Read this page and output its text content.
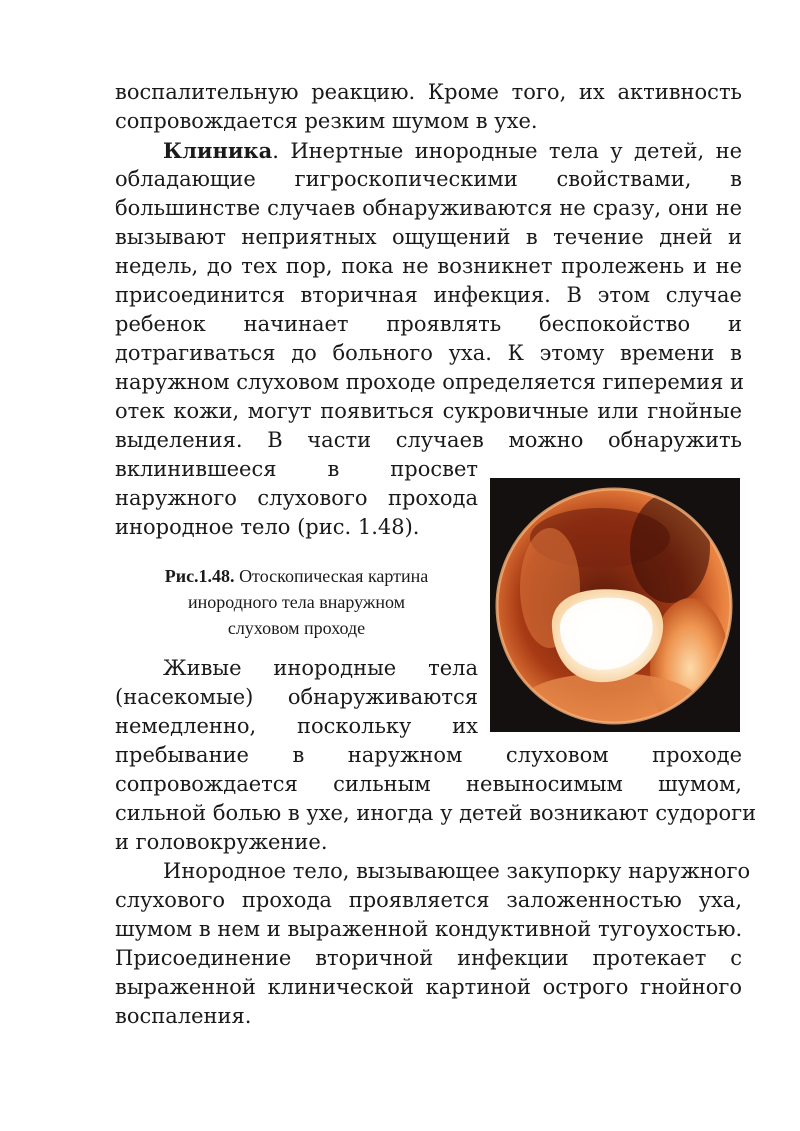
воспалительную реакцию. Кроме того, их активность
сопровождается резким шумом в ухе.
Клиника. Инертные инородные тела у детей, не
обладающие гигроскопическими свойствами, в
большинстве случаев обнаруживаются не сразу, они не
вызывают неприятных ощущений в течение дней и
недель, до тех пор, пока не возникнет пролежень и не
присоединится вторичная инфекция. В этом случае
ребенок начинает проявлять беспокойство и
дотрагиваться до больного уха. К этому времени в
наружном слуховом проходе определяется гиперемия и
отек кожи, могут появиться сукровичные или гнойные
выделения. В части случаев можно обнаружить
вклинившееся в просвет
наружного слухового прохода
инородное тело (рис. 1.48).
Рис.1.48. Отоскопическая картина
инородного тела внаружном
слуховом проходе
Живые инородные тела
(насекомые) обнаруживаются
немедленно, поскольку их
пребывание в наружном слуховом проходе
сопровождается сильным невыносимым шумом,
сильной болью в ухе, иногда у детей возникают судороги
и головокружение.
Инородное тело, вызывающее закупорку наружного
слухового прохода проявляется заложенностью уха,
шумом в нем и выраженной кондуктивной тугоухостью.
Присоединение вторичной инфекции протекает с
выраженной клинической картиной острого гнойного
воспаления.
